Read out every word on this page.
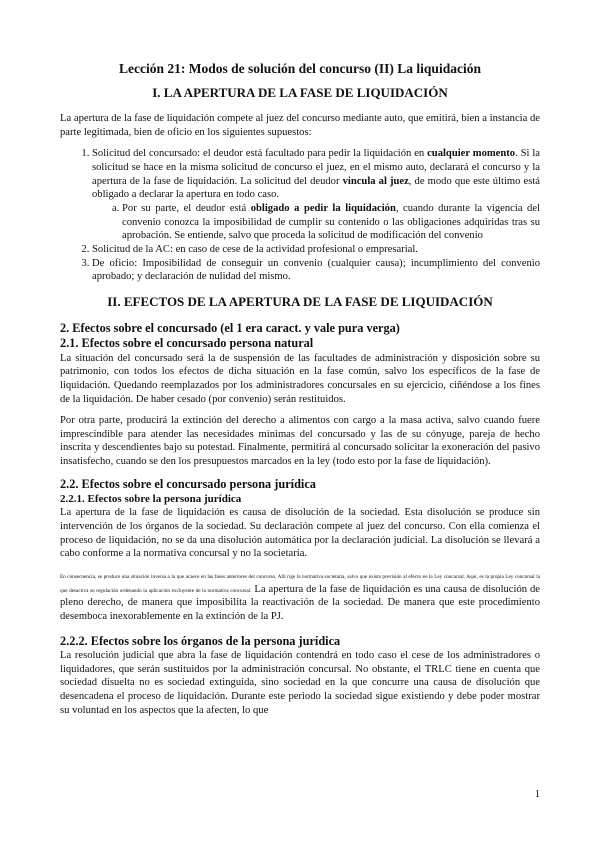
Lección 21: Modos de solución del concurso (II) La liquidación
I. LA APERTURA DE LA FASE DE LIQUIDACIÓN

La apertura de la fase de liquidación compete al juez del concurso mediante auto, que emitirá, bien a instancia de parte legitimada, bien de oficio en los siguientes supuestos:

1. Solicitud del concursado: el deudor está facultado para pedir la liquidación en cualquier momento. Si la solicitud se hace en la misma solicitud de concurso el juez, en el mismo auto, declarará el concurso y la apertura de la fase de liquidación. La solicitud del deudor vincula al juez, de modo que este último está obligado a declarar la apertura en todo caso.
a. Por su parte, el deudor está obligado a pedir la liquidación, cuando durante la vigencia del convenio conozca la imposibilidad de cumplir su contenido o las obligaciones adquiridas tras su aprobación. Se entiende, salvo que proceda la solicitud de modificación del convenio
2. Solicitud de la AC: en caso de cese de la actividad profesional o empresarial.
3. De oficio: Imposibilidad de conseguir un convenio (cualquier causa); incumplimiento del convenio aprobado; y declaración de nulidad del mismo.
II. EFECTOS DE LA APERTURA DE LA FASE DE LIQUIDACIÓN
2. Efectos sobre el concursado (el 1 era caract. y vale pura verga)
2.1. Efectos sobre el concursado persona natural

La situación del concursado será la de suspensión de las facultades de administración y disposición sobre su patrimonio, con todos los efectos de dicha situación en la fase común, salvo los específicos de la fase de liquidación. Quedando reemplazados por los administradores concursales en su ejercicio, ciñéndose a los fines de la liquidación. De haber cesado (por convenio) serán restituidos.

Por otra parte, producirá la extinción del derecho a alimentos con cargo a la masa activa, salvo cuando fuere imprescindible para atender las necesidades mínimas del concursado y las de su cónyuge, pareja de hecho inscrita y descendientes bajo su potestad. Finalmente, permitirá al concursado solicitar la exoneración del pasivo insatisfecho, cuando se den los presupuestos marcados en la ley (todo esto por la fase de liquidación).

2.2. Efectos sobre el concursado persona jurídica
2.2.1. Efectos sobre la persona jurídica

La apertura de la fase de liquidación es causa de disolución de la sociedad. Esta disolución se produce sin intervención de los órganos de la sociedad. Su declaración compete al juez del concurso. Con ella comienza el proceso de liquidación, no se da una disolución automática por la declaración judicial. La disolución se llevará a cabo conforme a la normativa concursal y no la societaria.

En consecuencia, se produce una situación inversa a la que acaece en las fases anteriores del concurso. Allí rige la normativa societaria, salvo que exista previsión al efecto en la Ley concursal. Aquí, es la propia Ley concursal la que desactiva su regulación ordenando la aplicación excluyente de la normativa concursal. La apertura de la fase de liquidación es una causa de disolución de pleno derecho, de manera que imposibilita la reactivación de la sociedad. De manera que este procedimiento desemboca inexorablemente en la extinción de la PJ.

2.2.2. Efectos sobre los órganos de la persona jurídica

La resolución judicial que abra la fase de liquidación contendrá en todo caso el cese de los administradores o liquidadores, que serán sustituidos por la administración concursal. No obstante, el TRLC tiene en cuenta que sociedad disuelta no es sociedad extinguida, sino sociedad en la que concurre una causa de disolución que desencadena el proceso de liquidación. Durante este periodo la sociedad sigue existiendo y debe poder mostrar su voluntad en los aspectos que la afecten, lo que

1
